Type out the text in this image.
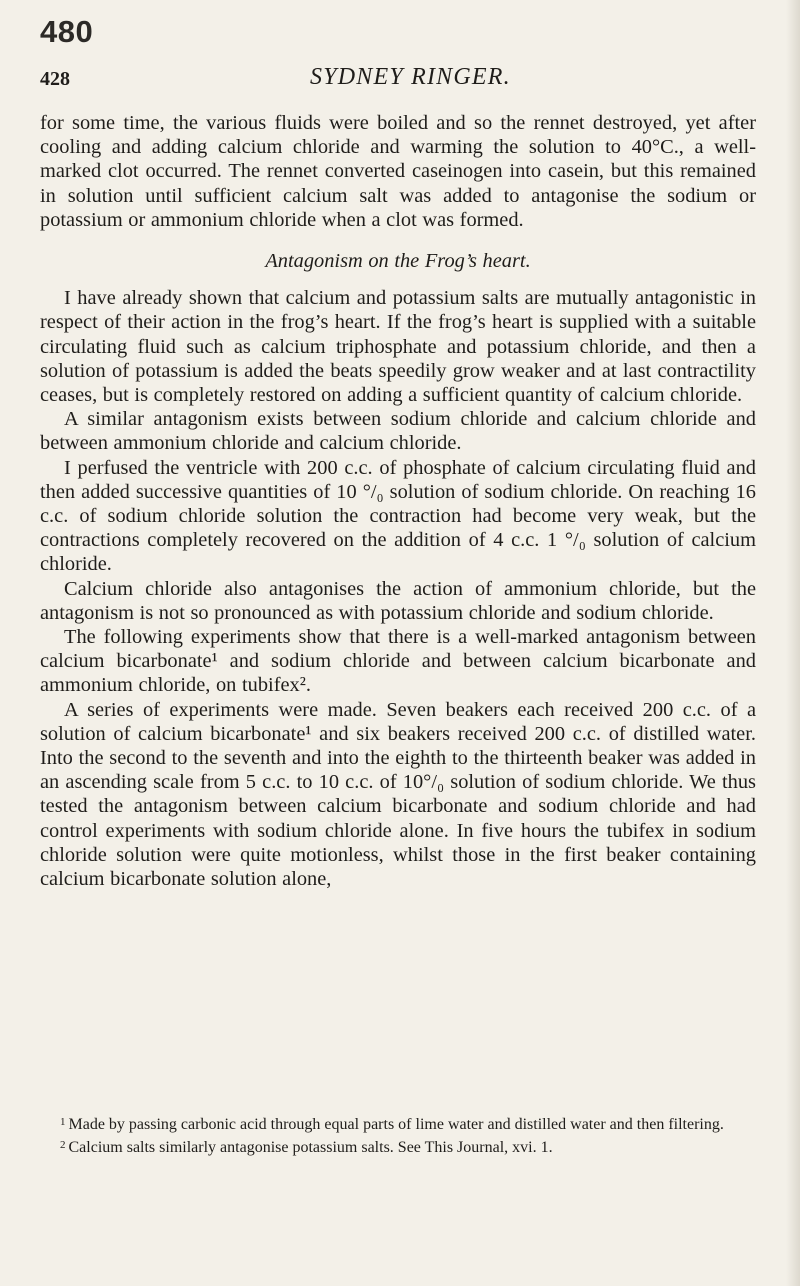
480
428	SYDNEY RINGER.

for some time, the various fluids were boiled and so the rennet destroyed, yet after cooling and adding calcium chloride and warming the solution to 40°C., a well-marked clot occurred. The rennet converted caseinogen into casein, but this remained in solution until sufficient calcium salt was added to antagonise the sodium or potassium or ammonium chloride when a clot was formed.

Antagonism on the Frog’s heart.

I have already shown that calcium and potassium salts are mutually antagonistic in respect of their action in the frog’s heart. If the frog’s heart is supplied with a suitable circulating fluid such as calcium triphosphate and potassium chloride, and then a solution of potassium is added the beats speedily grow weaker and at last contractility ceases, but is completely restored on adding a sufficient quantity of calcium chloride.

A similar antagonism exists between sodium chloride and calcium chloride and between ammonium chloride and calcium chloride.

I perfused the ventricle with 200 c.c. of phosphate of calcium circulating fluid and then added successive quantities of 10 °/₀ solution of sodium chloride. On reaching 16 c.c. of sodium chloride solution the contraction had become very weak, but the contractions completely recovered on the addition of 4 c.c. 1 °/₀ solution of calcium chloride.

Calcium chloride also antagonises the action of ammonium chloride, but the antagonism is not so pronounced as with potassium chloride and sodium chloride.

The following experiments show that there is a well-marked antagonism between calcium bicarbonate¹ and sodium chloride and between calcium bicarbonate and ammonium chloride, on tubifex².

A series of experiments were made. Seven beakers each received 200 c.c. of a solution of calcium bicarbonate¹ and six beakers received 200 c.c. of distilled water. Into the second to the seventh and into the eighth to the thirteenth beaker was added in an ascending scale from 5 c.c. to 10 c.c. of 10°/₀ solution of sodium chloride. We thus tested the antagonism between calcium bicarbonate and sodium chloride and had control experiments with sodium chloride alone. In five hours the tubifex in sodium chloride solution were quite motionless, whilst those in the first beaker containing calcium bicarbonate solution alone,

$^1$ Made by passing carbonic acid through equal parts of lime water and distilled water and then filtering.

$^2$ Calcium salts similarly antagonise potassium salts. See This Journal, xvi. 1.
